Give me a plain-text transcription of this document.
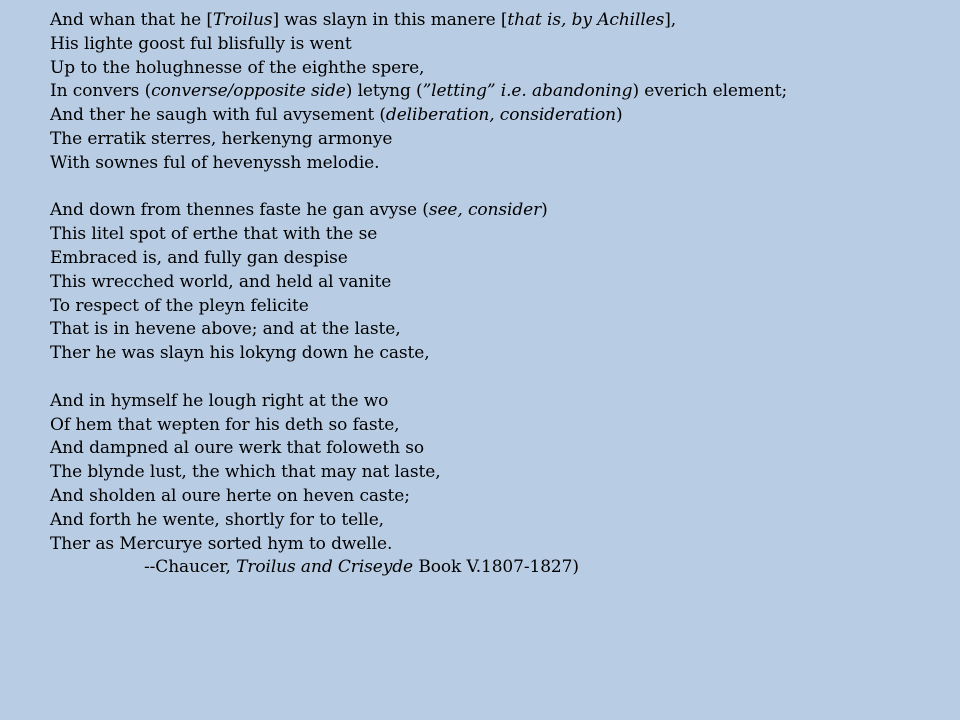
And whan that he [Troilus] was slayn in this manere [that is, by Achilles],
His lighte goost ful blisfully is went
Up to the holughnesse of the eighthe spere,
In convers (converse/opposite side) letyng (”letting” i.e. abandoning) everich element;
And ther he saugh with ful avysement (deliberation, consideration)
The erratik sterres, herkenyng armonye
With sownes ful of hevenyssh melodie.
And down from thennes faste he gan avyse (see, consider)
This litel spot of erthe that with the se
Embraced is, and fully gan despise
This wrecched world, and held al vanite
To respect of the pleyn felicite
That is in hevene above; and at the laste,
Ther he was slayn his lokyng down he caste,
And in hymself he lough right at the wo
Of hem that wepten for his deth so faste,
And dampned al oure werk that foloweth so
The blynde lust, the which that may nat laste,
And sholden al oure herte on heven caste;
And forth he wente, shortly for to telle,
Ther as Mercurye sorted hym to dwelle.
--Chaucer, Troilus and Criseyde Book V.1807-1827)
